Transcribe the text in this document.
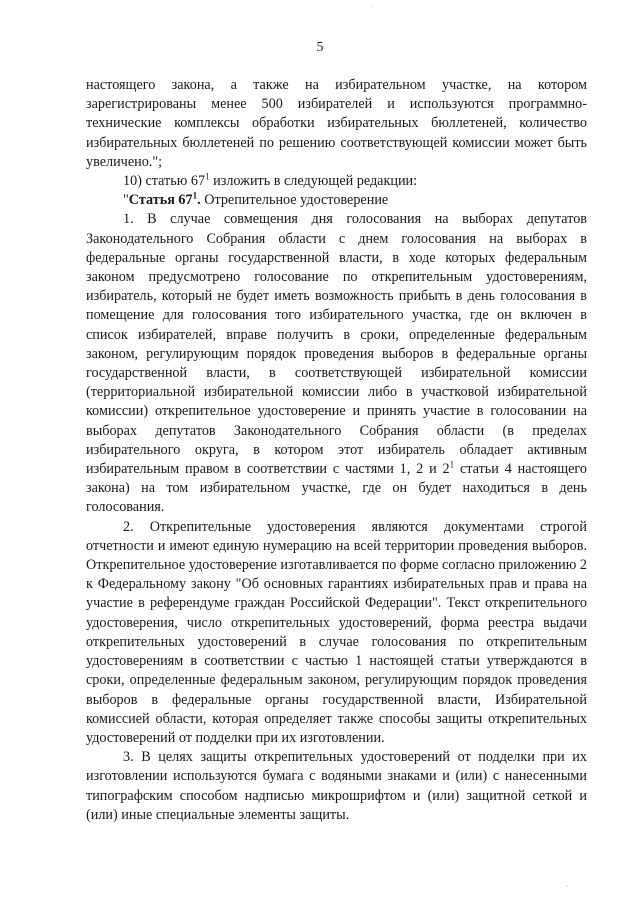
5

настоящего закона, а также на избирательном участке, на котором зарегистрированы менее 500 избирателей и используются программно-технические комплексы обработки избирательных бюллетеней, количество избирательных бюллетеней по решению соответствующей комиссии может быть увеличено.";

10) статью $67^1$ изложить в следующей редакции:

"Статья $67^1$. Отрепительное удостоверение

1. В случае совмещения дня голосования на выборах депутатов Законодательного Собрания области с днем голосования на выборах в федеральные органы государственной власти, в ходе которых федеральным законом предусмотрено голосование по открепительным удостоверениям, избиратель, который не будет иметь возможность прибыть в день голосования в помещение для голосования того избирательного участка, где он включен в список избирателей, вправе получить в сроки, определенные федеральным законом, регулирующим порядок проведения выборов в федеральные органы государственной власти, в соответствующей избирательной комиссии (территориальной избирательной комиссии либо в участковой избирательной комиссии) открепительное удостоверение и принять участие в голосовании на выборах депутатов Законодательного Собрания области (в пределах избирательного округа, в котором этот избиратель обладает активным избирательным правом в соответствии с частями 1, 2 и $2^1$ статьи 4 настоящего закона) на том избирательном участке, где он будет находиться в день голосования.

2. Открепительные удостоверения являются документами строгой отчетности и имеют единую нумерацию на всей территории проведения выборов. Открепительное удостоверение изготавливается по форме согласно приложению 2 к Федеральному закону "Об основных гарантиях избирательных прав и права на участие в референдуме граждан Российской Федерации". Текст открепительного удостоверения, число открепительных удостоверений, форма реестра выдачи открепительных удостоверений в случае голосования по открепительным удостоверениям в соответствии с частью 1 настоящей статьи утверждаются в сроки, определенные федеральным законом, регулирующим порядок проведения выборов в федеральные органы государственной власти, Избирательной комиссией области, которая определяет также способы защиты открепительных удостоверений от подделки при их изготовлении.

3. В целях защиты открепительных удостоверений от подделки при их изготовлении используются бумага с водяными знаками и (или) с нанесенными типографским способом надписью микрошрифтом и (или) защитной сеткой и (или) иные специальные элементы защиты.

·
·
